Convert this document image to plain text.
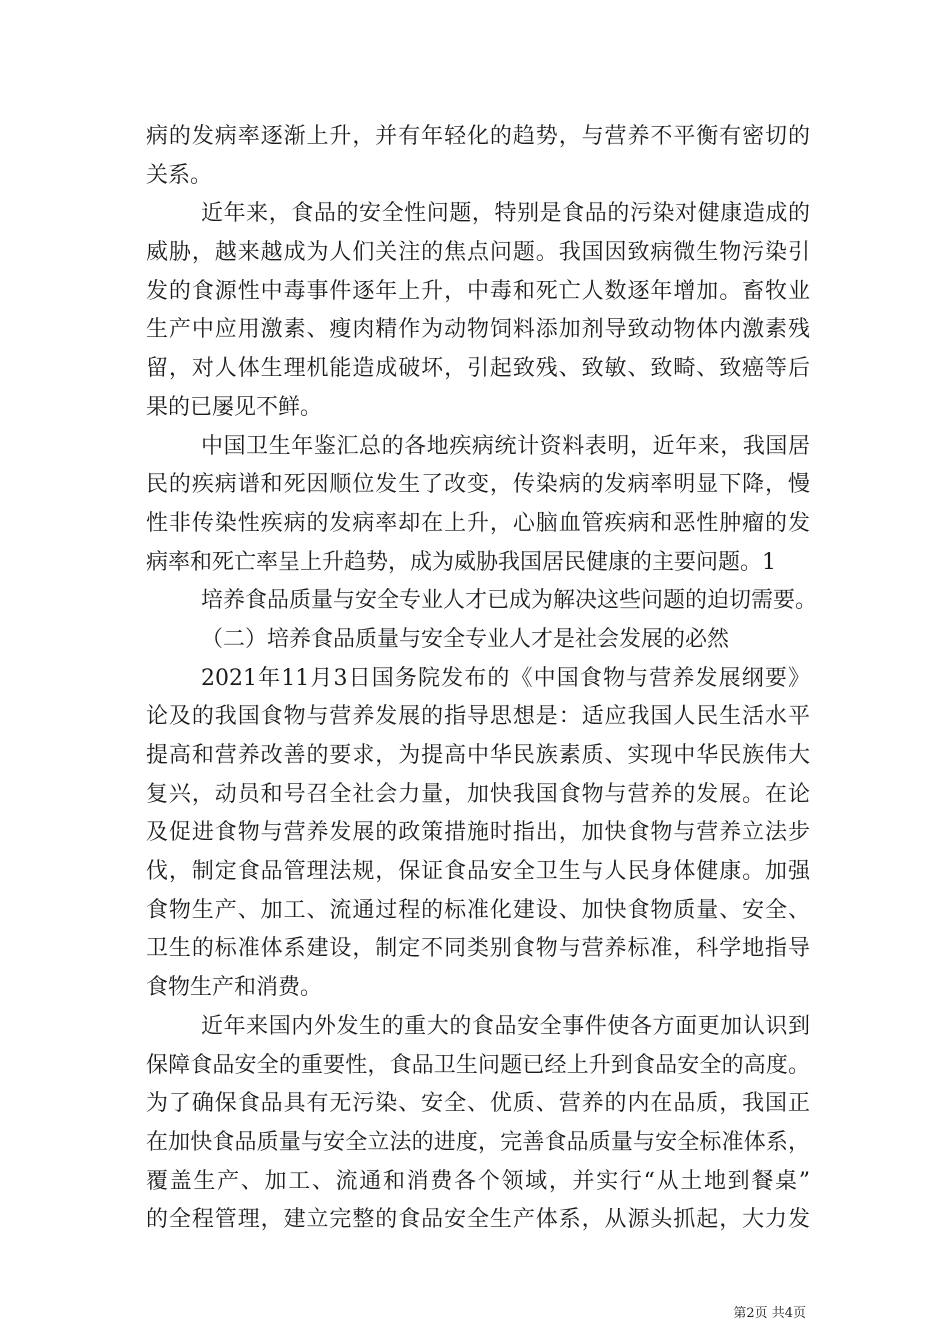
病的发病率逐渐上升，并有年轻化的趋势，与营养不平衡有密切的
关系。
近年来，食品的安全性问题，特别是食品的污染对健康造成的
威胁，越来越成为人们关注的焦点问题。我国因致病微生物污染引
发的食源性中毒事件逐年上升，中毒和死亡人数逐年增加。畜牧业
生产中应用激素、瘦肉精作为动物饲料添加剂导致动物体内激素残
留，对人体生理机能造成破坏，引起致残、致敏、致畸、致癌等后
果的已屡见不鲜。
中国卫生年鉴汇总的各地疾病统计资料表明，近年来，我国居
民的疾病谱和死因顺位发生了改变，传染病的发病率明显下降，慢
性非传染性疾病的发病率却在上升，心脑血管疾病和恶性肿瘤的发
病率和死亡率呈上升趋势，成为威胁我国居民健康的主要问题。1
培养食品质量与安全专业人才已成为解决这些问题的迫切需要。
（二）培养食品质量与安全专业人才是社会发展的必然
2021年11月3日国务院发布的《中国食物与营养发展纲要》
论及的我国食物与营养发展的指导思想是：适应我国人民生活水平
提高和营养改善的要求，为提高中华民族素质、实现中华民族伟大
复兴，动员和号召全社会力量，加快我国食物与营养的发展。在论
及促进食物与营养发展的政策措施时指出，加快食物与营养立法步
伐，制定食品管理法规，保证食品安全卫生与人民身体健康。加强
食物生产、加工、流通过程的标准化建设、加快食物质量、安全、
卫生的标准体系建设，制定不同类别食物与营养标准，科学地指导
食物生产和消费。
近年来国内外发生的重大的食品安全事件使各方面更加认识到
保障食品安全的重要性，食品卫生问题已经上升到食品安全的高度。
为了确保食品具有无污染、安全、优质、营养的内在品质，我国正
在加快食品质量与安全立法的进度，完善食品质量与安全标准体系，
覆盖生产、加工、流通和消费各个领域，并实行“从土地到餐桌”
的全程管理，建立完整的食品安全生产体系，从源头抓起，大力发
第2页 共4页
